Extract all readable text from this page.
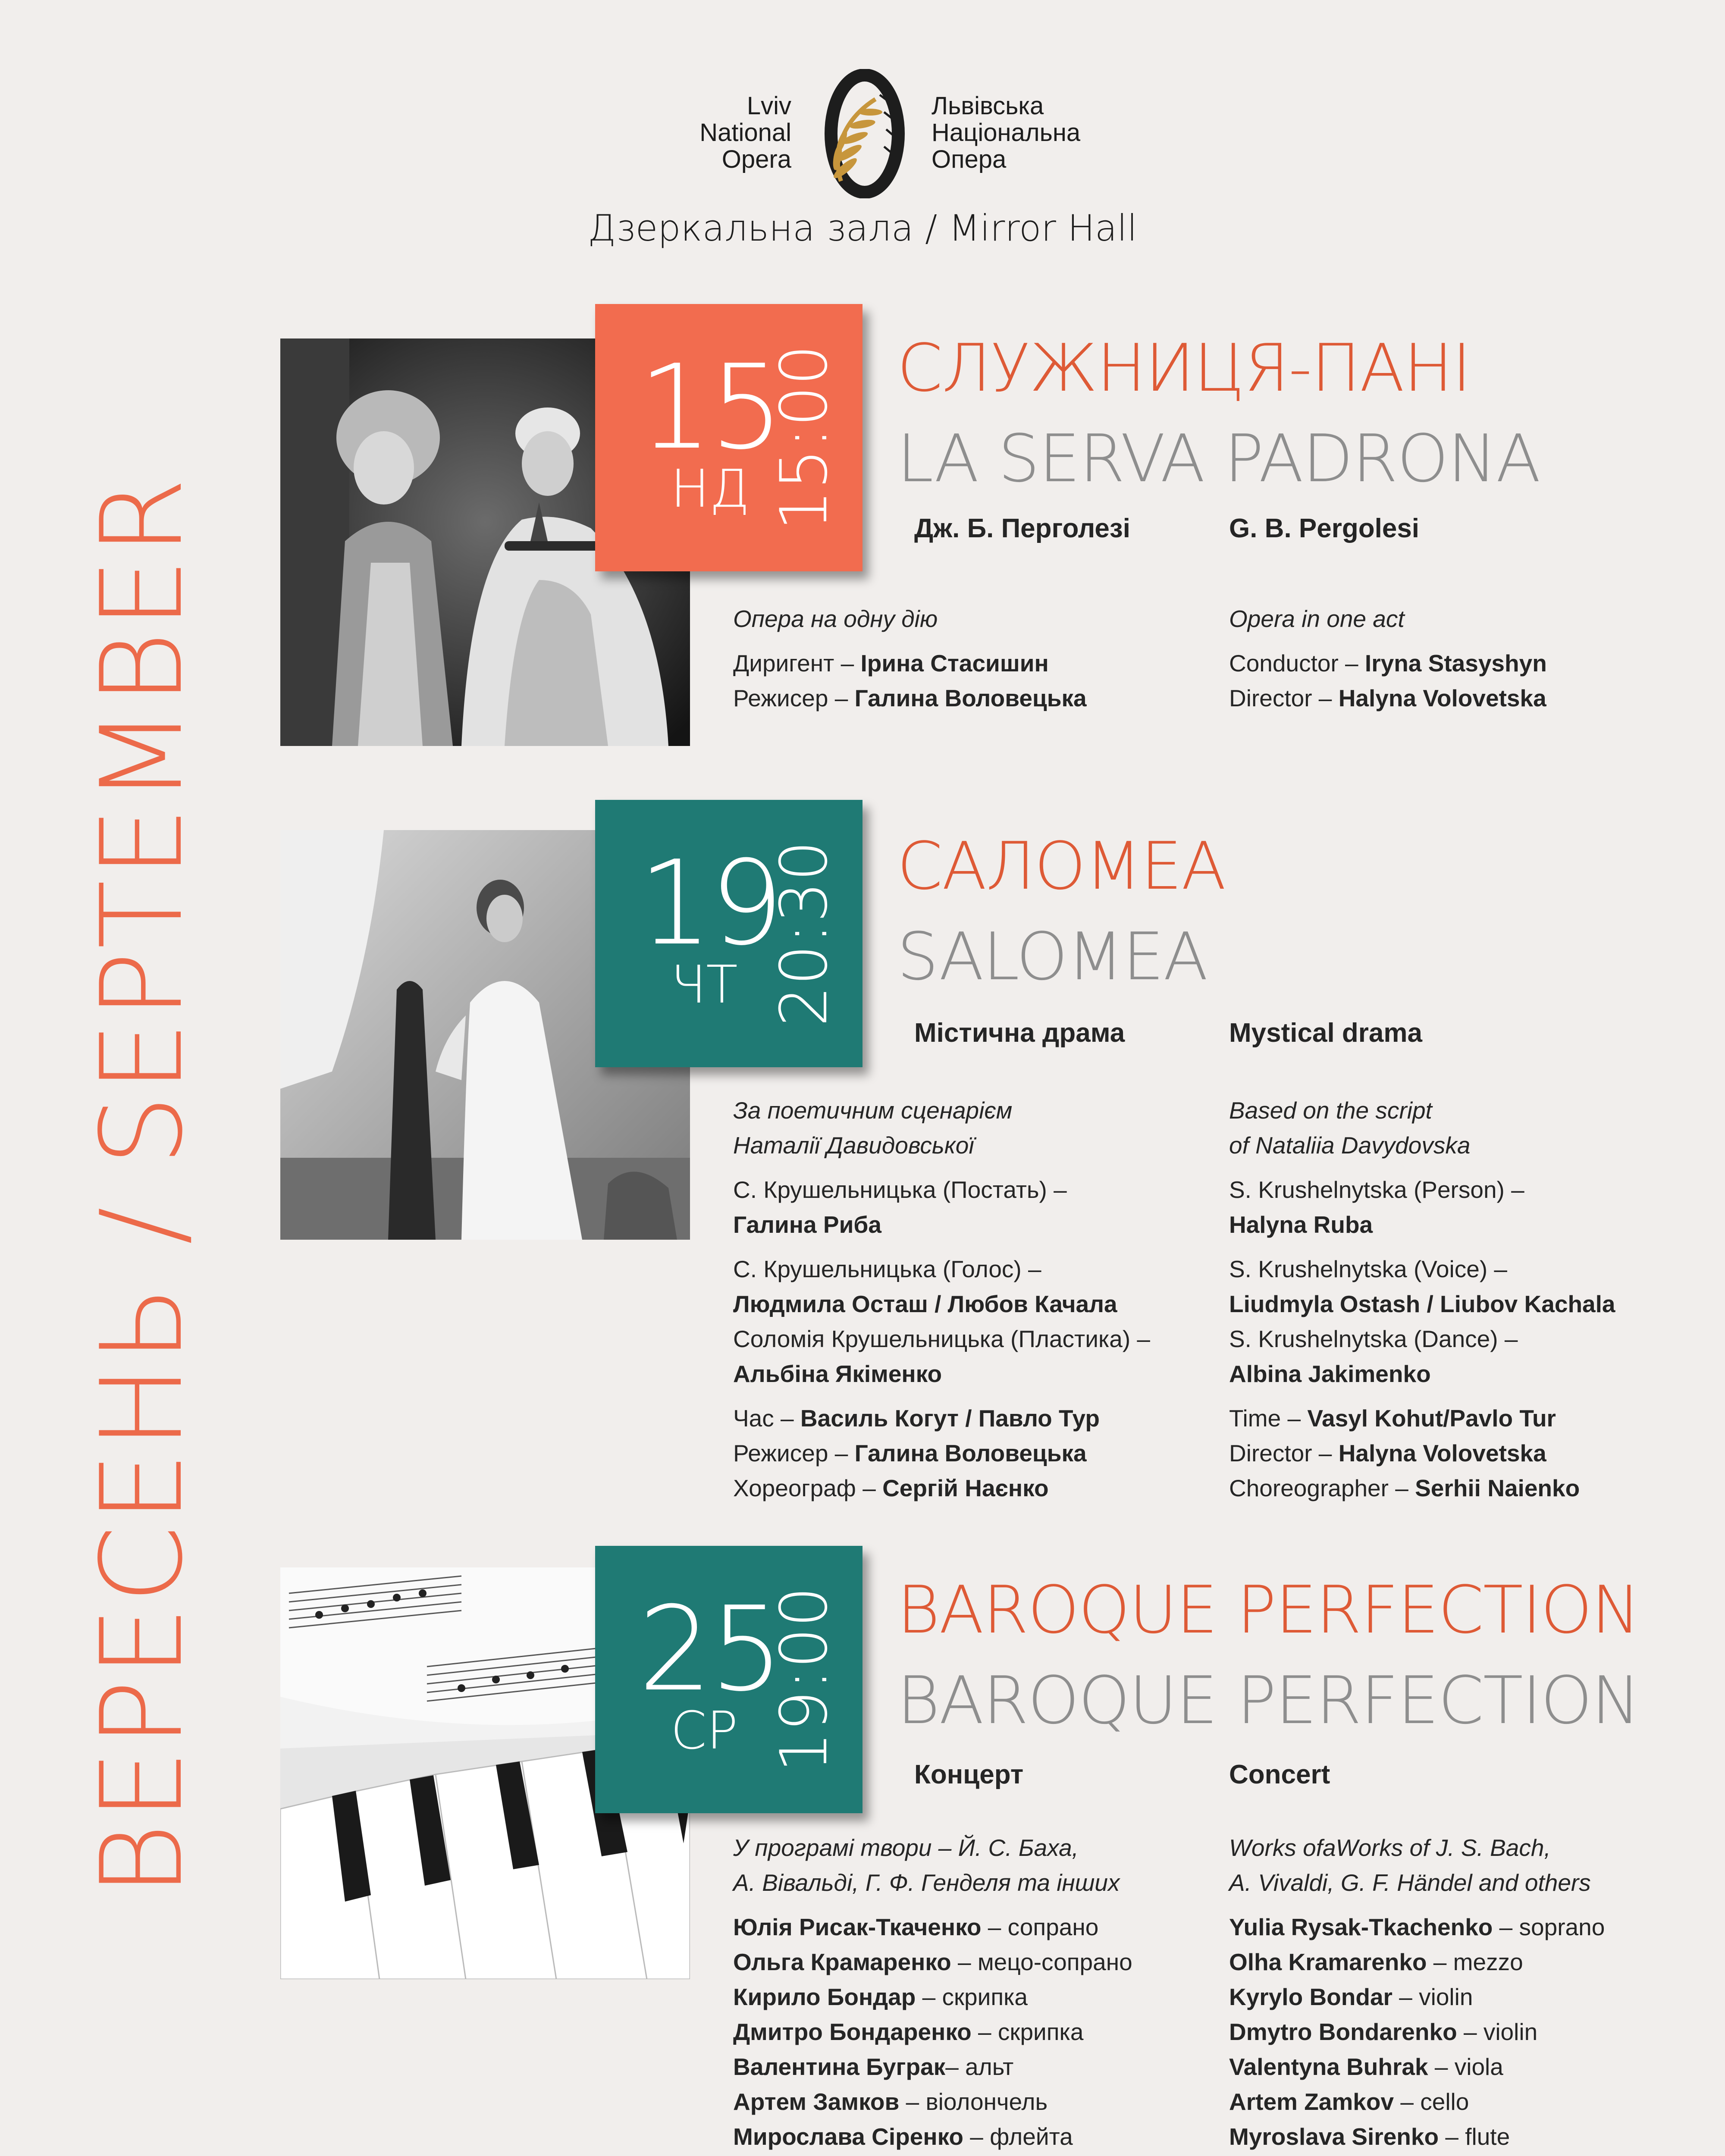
ВЕРЕСЕНЬ / SEPTEMBER
Lviv
National
Opera
Львівська
Національна
Опера
Дзеркальна зала / Mirror Hall
15
НД 15:00 СЛУЖНИЦЯ-ПАНІ
LA SERVA PADRONA
Дж. Б. Перголезі	G. B. Pergolesi
Опера на одну дію
Диригент – Ірина Стасишин
Режисер – Галина Воловецька
Opera in one act
Conductor – Iryna Stasyshyn
Director – Halyna Volovetska
19
ЧТ 20:30 САЛОМЕА
SALOMEA
Містична драма	Mystical drama
За поетичним сценарієм
Наталії Давидовської
С. Крушельницька (Постать) –
Галина Риба
С. Крушельницька (Голос) –
Людмила Осташ / Любов Качала
Соломія Крушельницька (Пластика) –
Альбіна Якіменко
Час – Василь Когут / Павло Тур
Режисер – Галина Воловецька
Хореограф – Сергій Наєнко
Based on the script
of Nataliia Davydovska
S. Krushelnytska (Person) –
Halyna Ruba
S. Krushelnytska (Voice) –
Liudmyla Ostash / Liubov Kachala
S. Krushelnytska (Dance) –
Albina Jakimenko
Time – Vasyl Kohut/Pavlo Tur
Director – Halyna Volovetska
Choreographer – Serhii Naienko
25
СР 19:00 BAROQUE PERFECTION
BAROQUE PERFECTION
Концерт	Concert
У програмі твори – Й. С. Баха,
А. Вівальді, Г. Ф. Генделя та інших
Юлія Рисак-Ткаченко – сопрано
Ольга Крамаренко – мецо-сопрано
Кирило Бондар – скрипка
Дмитро Бондаренко – скрипка
Валентина Буграк– альт
Артем Замков – віолончель
Мирослава Сіренко – флейта
Works ofaWorks of J. S. Bach,
A. Vivaldi, G. F. Händel and others
Yulia Rysak-Tkachenko – soprano
Olha Kramarenko – mezzo
Kyrylo Bondar – violin
Dmytro Bondarenko – violin
Valentyna Buhrak – viola
Artem Zamkov – cello
Myroslava Sirenko – flute
